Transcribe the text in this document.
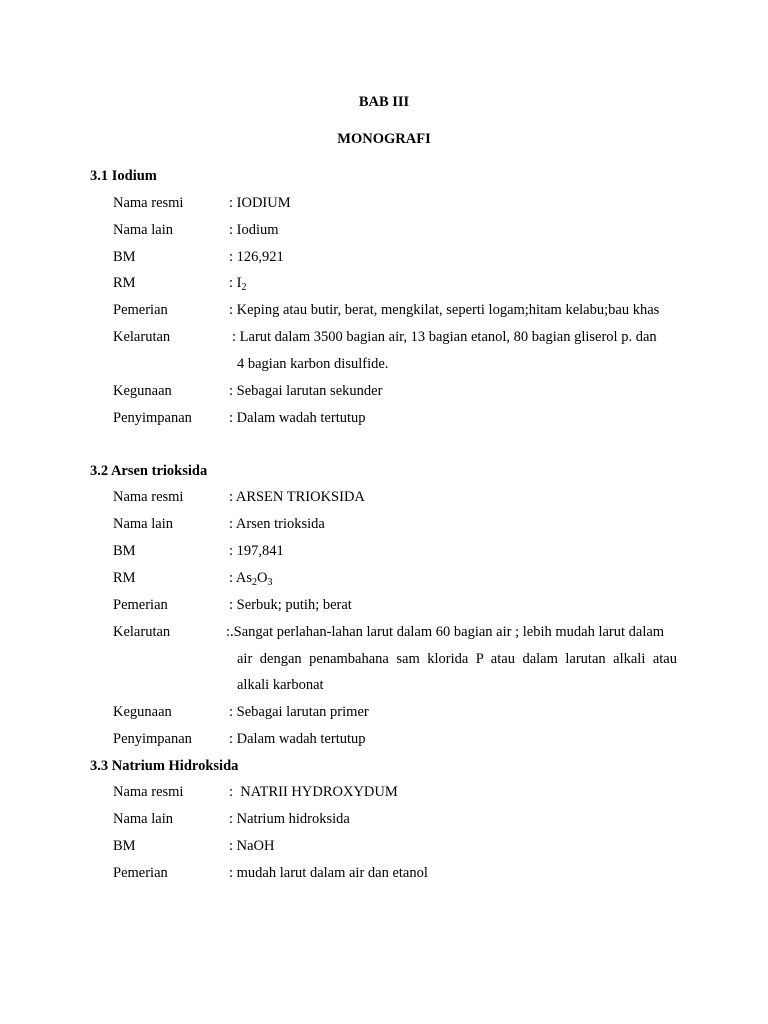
BAB III
MONOGRAFI
3.1 Iodium
Nama resmi	: IODIUM
Nama lain	: Iodium
BM	: 126,921
RM	: $I_2$
Pemerian	: Keping atau butir, berat, mengkilat, seperti logam;hitam kelabu;bau khas
Kelarutan	: Larut dalam 3500 bagian air, 13 bagian etanol, 80 bagian gliserol p. dan
4 bagian karbon disulfide.
Kegunaan	: Sebagai larutan sekunder
Penyimpanan	: Dalam wadah tertutup
3.2 Arsen trioksida
Nama resmi	: ARSEN TRIOKSIDA
Nama lain	: Arsen trioksida
BM	: 197,841
RM	: $As_2O_3$
Pemerian	: Serbuk; putih; berat
Kelarutan	:.Sangat perlahan-lahan larut dalam 60 bagian air ; lebih mudah larut dalam
air dengan penambahana sam klorida P atau dalam larutan alkali atau
alkali karbonat
Kegunaan	: Sebagai larutan primer
Penyimpanan	: Dalam wadah tertutup
3.3 Natrium Hidroksida
Nama resmi	:  NATRII HYDROXYDUM
Nama lain	: Natrium hidroksida
BM	: NaOH
Pemerian	: mudah larut dalam air dan etanol
